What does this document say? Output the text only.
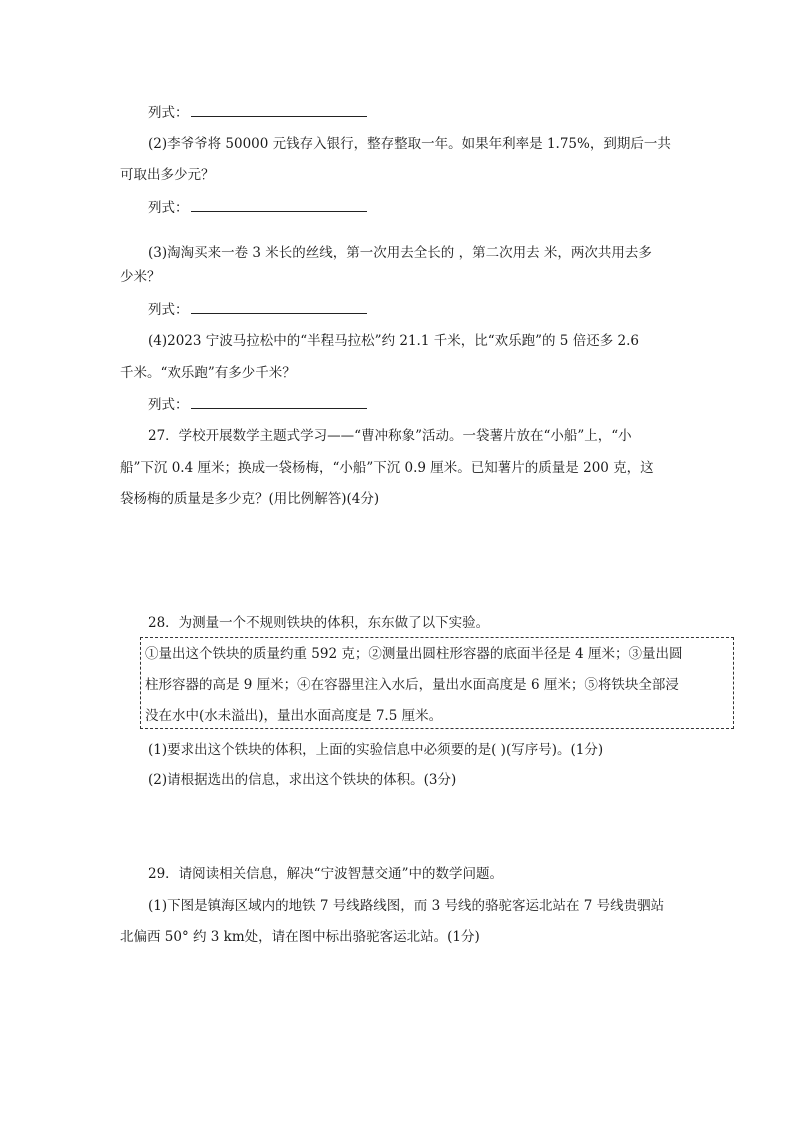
列式：
(2)李爷爷将 50000 元钱存入银行，整存整取一年。如果年利率是 1.75%，到期后一共
可取出多少元？
列式：
(3)淘淘买来一卷 3 米长的丝线，第一次用去全长的 ，第二次用去 米，两次共用去多
少米？
列式：
(4)2023 宁波马拉松中的“半程马拉松”约 21.1 千米，比“欢乐跑”的 5 倍还多 2.6
千米。“欢乐跑”有多少千米？
列式：
27．学校开展数学主题式学习——“曹冲称象”活动。一袋薯片放在“小船”上，“小
船”下沉 0.4 厘米；换成一袋杨梅，“小船”下沉 0.9 厘米。已知薯片的质量是 200 克，这
袋杨梅的质量是多少克？(用比例解答)(4分)
28．为测量一个不规则铁块的体积，东东做了以下实验。
①量出这个铁块的质量约重 592 克；②测量出圆柱形容器的底面半径是 4 厘米；③量出圆
柱形容器的高是 9 厘米；④在容器里注入水后，量出水面高度是 6 厘米；⑤将铁块全部浸
没在水中(水未溢出)，量出水面高度是 7.5 厘米。
(1)要求出这个铁块的体积，上面的实验信息中必须要的是( )(写序号)。(1分)
(2)请根据选出的信息，求出这个铁块的体积。(3分)
29．请阅读相关信息，解决“宁波智慧交通”中的数学问题。
(1)下图是镇海区域内的地铁 7 号线路线图，而 3 号线的骆驼客运北站在 7 号线贵驷站
北偏西 50° 约 3 km处，请在图中标出骆驼客运北站。(1分)
